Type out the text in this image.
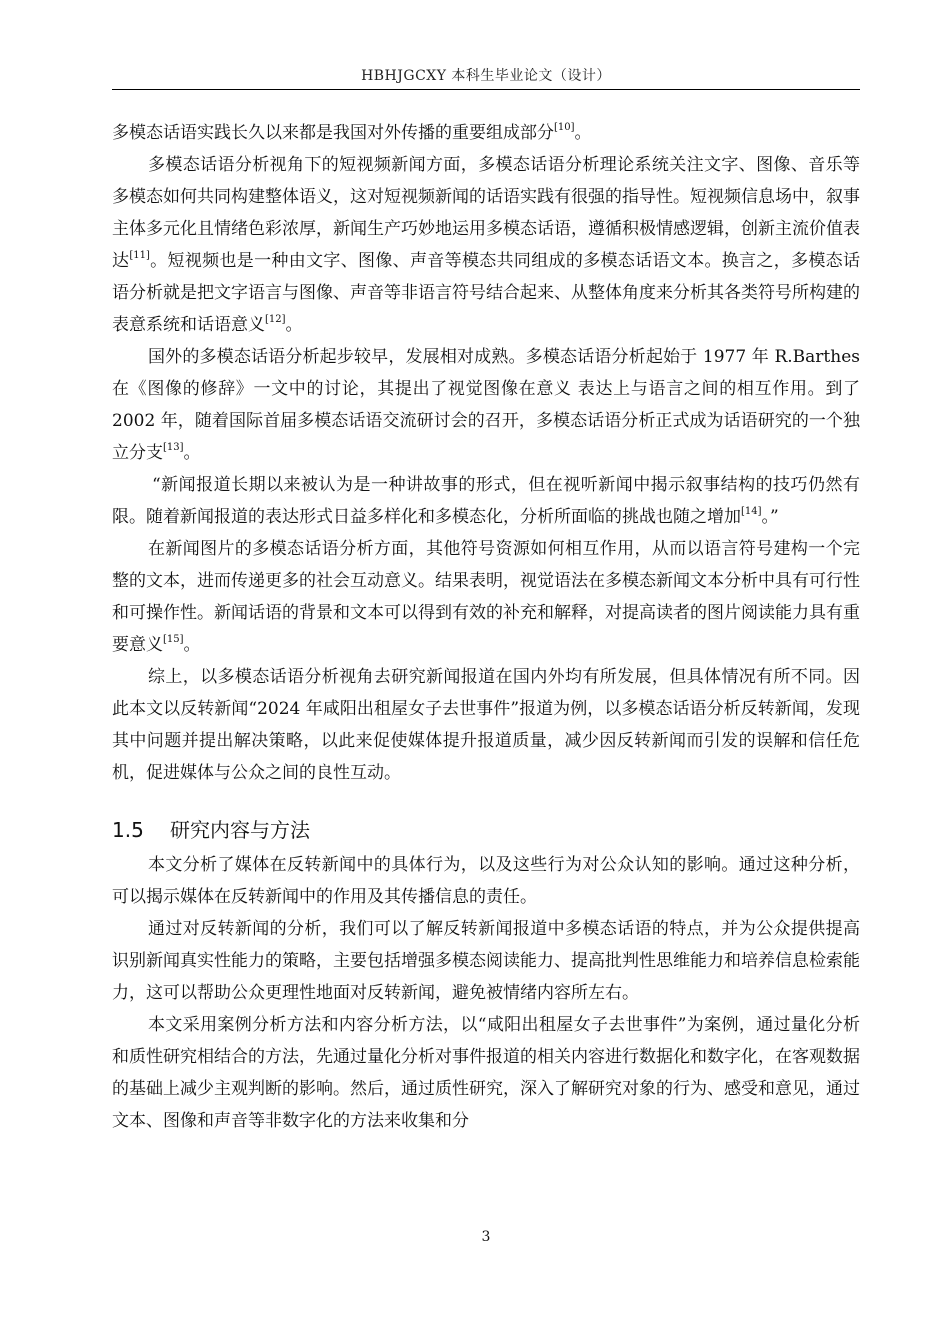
HBHJGCXY 本科生毕业论文（设计）

多模态话语实践长久以来都是我国对外传播的重要组成部分[10]。

多模态话语分析视角下的短视频新闻方面，多模态话语分析理论系统关注文字、图像、音乐等多模态如何共同构建整体语义，这对短视频新闻的话语实践有很强的指导性。短视频信息场中，叙事主体多元化且情绪色彩浓厚，新闻生产巧妙地运用多模态话语，遵循积极情感逻辑，创新主流价值表达[11]。短视频也是一种由文字、图像、声音等模态共同组成的多模态话语文本。换言之，多模态话语分析就是把文字语言与图像、声音等非语言符号结合起来、从整体角度来分析其各类符号所构建的表意系统和话语意义[12]。

国外的多模态话语分析起步较早，发展相对成熟。多模态话语分析起始于 1977 年 R.Barthes 在《图像的修辞》一文中的讨论，其提出了视觉图像在意义 表达上与语言之间的相互作用。到了 2002 年，随着国际首届多模态话语交流研讨会的召开，多模态话语分析正式成为话语研究的一个独立分支[13]。

“新闻报道长期以来被认为是一种讲故事的形式，但在视听新闻中揭示叙事结构的技巧仍然有限。随着新闻报道的表达形式日益多样化和多模态化，分析所面临的挑战也随之增加[14]。”

在新闻图片的多模态话语分析方面，其他符号资源如何相互作用，从而以语言符号建构一个完整的文本，进而传递更多的社会互动意义。结果表明，视觉语法在多模态新闻文本分析中具有可行性和可操作性。新闻话语的背景和文本可以得到有效的补充和解释，对提高读者的图片阅读能力具有重要意义[15]。

综上，以多模态话语分析视角去研究新闻报道在国内外均有所发展，但具体情况有所不同。因此本文以反转新闻“2024 年咸阳出租屋女子去世事件”报道为例，以多模态话语分析反转新闻，发现其中问题并提出解决策略，以此来促使媒体提升报道质量，减少因反转新闻而引发的误解和信任危机，促进媒体与公众之间的良性互动。

1.5 研究内容与方法

本文分析了媒体在反转新闻中的具体行为，以及这些行为对公众认知的影响。通过这种分析，可以揭示媒体在反转新闻中的作用及其传播信息的责任。

通过对反转新闻的分析，我们可以了解反转新闻报道中多模态话语的特点，并为公众提供提高识别新闻真实性能力的策略，主要包括增强多模态阅读能力、提高批判性思维能力和培养信息检索能力，这可以帮助公众更理性地面对反转新闻，避免被情绪内容所左右。

本文采用案例分析方法和内容分析方法，以“咸阳出租屋女子去世事件”为案例，通过量化分析和质性研究相结合的方法，先通过量化分析对事件报道的相关内容进行数据化和数字化，在客观数据的基础上减少主观判断的影响。然后，通过质性研究，深入了解研究对象的行为、感受和意见，通过文本、图像和声音等非数字化的方法来收集和分

3
